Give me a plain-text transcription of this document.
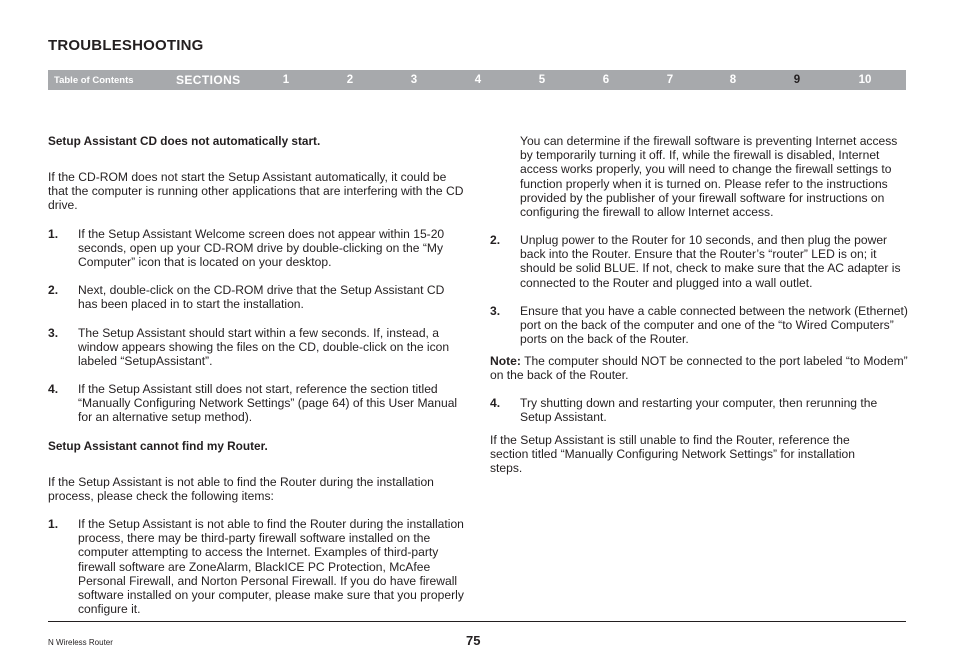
TROUBLESHOOTING
Table of Contents	SECTIONS	1	2	3	4	5	6	7	8	9	10

Setup Assistant CD does not automatically start.

If the CD-ROM does not start the Setup Assistant automatically, it could be that the computer is running other applications that are interfering with the CD drive.

1. If the Setup Assistant Welcome screen does not appear within 15-20 seconds, open up your CD-ROM drive by double-clicking on the “My Computer” icon that is located on your desktop.
2. Next, double-click on the CD-ROM drive that the Setup Assistant CD has been placed in to start the installation.
3. The Setup Assistant should start within a few seconds. If, instead, a window appears showing the files on the CD, double-click on the icon labeled “SetupAssistant”.
4. If the Setup Assistant still does not start, reference the section titled “Manually Configuring Network Settings” (page 64) of this User Manual for an alternative setup method).

Setup Assistant cannot find my Router.

If the Setup Assistant is not able to find the Router during the installation process, please check the following items:

1. If the Setup Assistant is not able to find the Router during the installation process, there may be third-party firewall software installed on the computer attempting to access the Internet. Examples of third-party firewall software are ZoneAlarm, BlackICE PC Protection, McAfee Personal Firewall, and Norton Personal Firewall. If you do have firewall software installed on your computer, please make sure that you properly configure it.

You can determine if the firewall software is preventing Internet access by temporarily turning it off. If, while the firewall is disabled, Internet access works properly, you will need to change the firewall settings to function properly when it is turned on. Please refer to the instructions provided by the publisher of your firewall software for instructions on configuring the firewall to allow Internet access.

2. Unplug power to the Router for 10 seconds, and then plug the power back into the Router. Ensure that the Router’s “router” LED is on; it should be solid BLUE. If not, check to make sure that the AC adapter is connected to the Router and plugged into a wall outlet.
3. Ensure that you have a cable connected between the network (Ethernet) port on the back of the computer and one of the “to Wired Computers” ports on the back of the Router.

Note: The computer should NOT be connected to the port labeled “to Modem” on the back of the Router.

4. Try shutting down and restarting your computer, then rerunning the Setup Assistant.

If the Setup Assistant is still unable to find the Router, reference the section titled “Manually Configuring Network Settings” for installation steps.

N Wireless Router	75
